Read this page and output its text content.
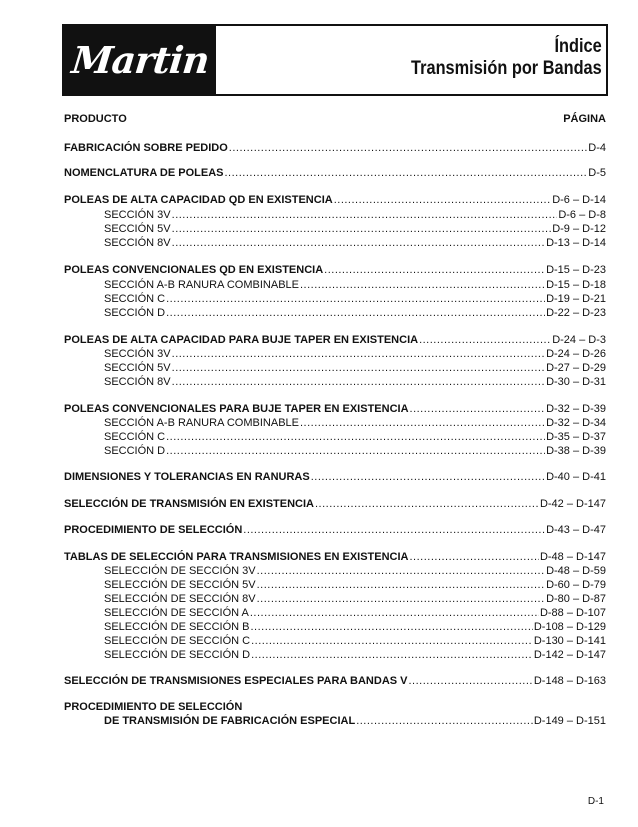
Martin	Índice
Transmisión por Bandas
PRODUCTO	PÁGINA
FABRICACIÓN SOBRE PEDIDO .....	D-4
NOMENCLATURA DE POLEAS .....	D-5
POLEAS DE ALTA CAPACIDAD QD EN EXISTENCIA .....	D-6 – D-14
SECCIÓN 3V .....	D-6 – D-8
SECCIÓN 5V .....	D-9 – D-12
SECCIÓN 8V .....	D-13 – D-14
POLEAS CONVENCIONALES QD EN EXISTENCIA .....	D-15 – D-23
SECCIÓN A-B RANURA COMBINABLE .....	D-15 – D-18
SECCIÓN C .....	D-19 – D-21
SECCIÓN D .....	D-22 – D-23
POLEAS DE ALTA CAPACIDAD PARA BUJE TAPER EN EXISTENCIA .....	D-24 – D-3
SECCIÓN 3V .....	D-24 – D-26
SECCIÓN 5V .....	D-27 – D-29
SECCIÓN 8V .....	D-30 – D-31
POLEAS CONVENCIONALES PARA BUJE TAPER EN EXISTENCIA .....	D-32 – D-39
SECCIÓN A-B RANURA COMBINABLE .....	D-32 – D-34
SECCIÓN C .....	D-35 – D-37
SECCIÓN D .....	D-38 – D-39
DIMENSIONES Y TOLERANCIAS EN RANURAS .....	D-40 – D-41
SELECCIÓN DE TRANSMISIÓN EN EXISTENCIA .....	D-42 – D-147
PROCEDIMIENTO DE SELECCIÓN .....	D-43 – D-47
TABLAS DE SELECCIÓN PARA TRANSMISIONES EN EXISTENCIA .....	D-48 – D-147
SELECCIÓN DE SECCIÓN 3V .....	D-48 – D-59
SELECCIÓN DE SECCIÓN 5V .....	D-60 – D-79
SELECCIÓN DE SECCIÓN 8V .....	D-80 – D-87
SELECCIÓN DE SECCIÓN A .....	D-88 – D-107
SELECCIÓN DE SECCIÓN B .....	D-108 – D-129
SELECCIÓN DE SECCIÓN C .....	D-130 – D-141
SELECCIÓN DE SECCIÓN D .....	D-142 – D-147
SELECCIÓN DE TRANSMISIONES ESPECIALES PARA BANDAS V .....	D-148 – D-163
PROCEDIMIENTO DE SELECCIÓN
DE TRANSMISIÓN DE FABRICACIÓN ESPECIAL .....	D-149 – D-151
D-1
